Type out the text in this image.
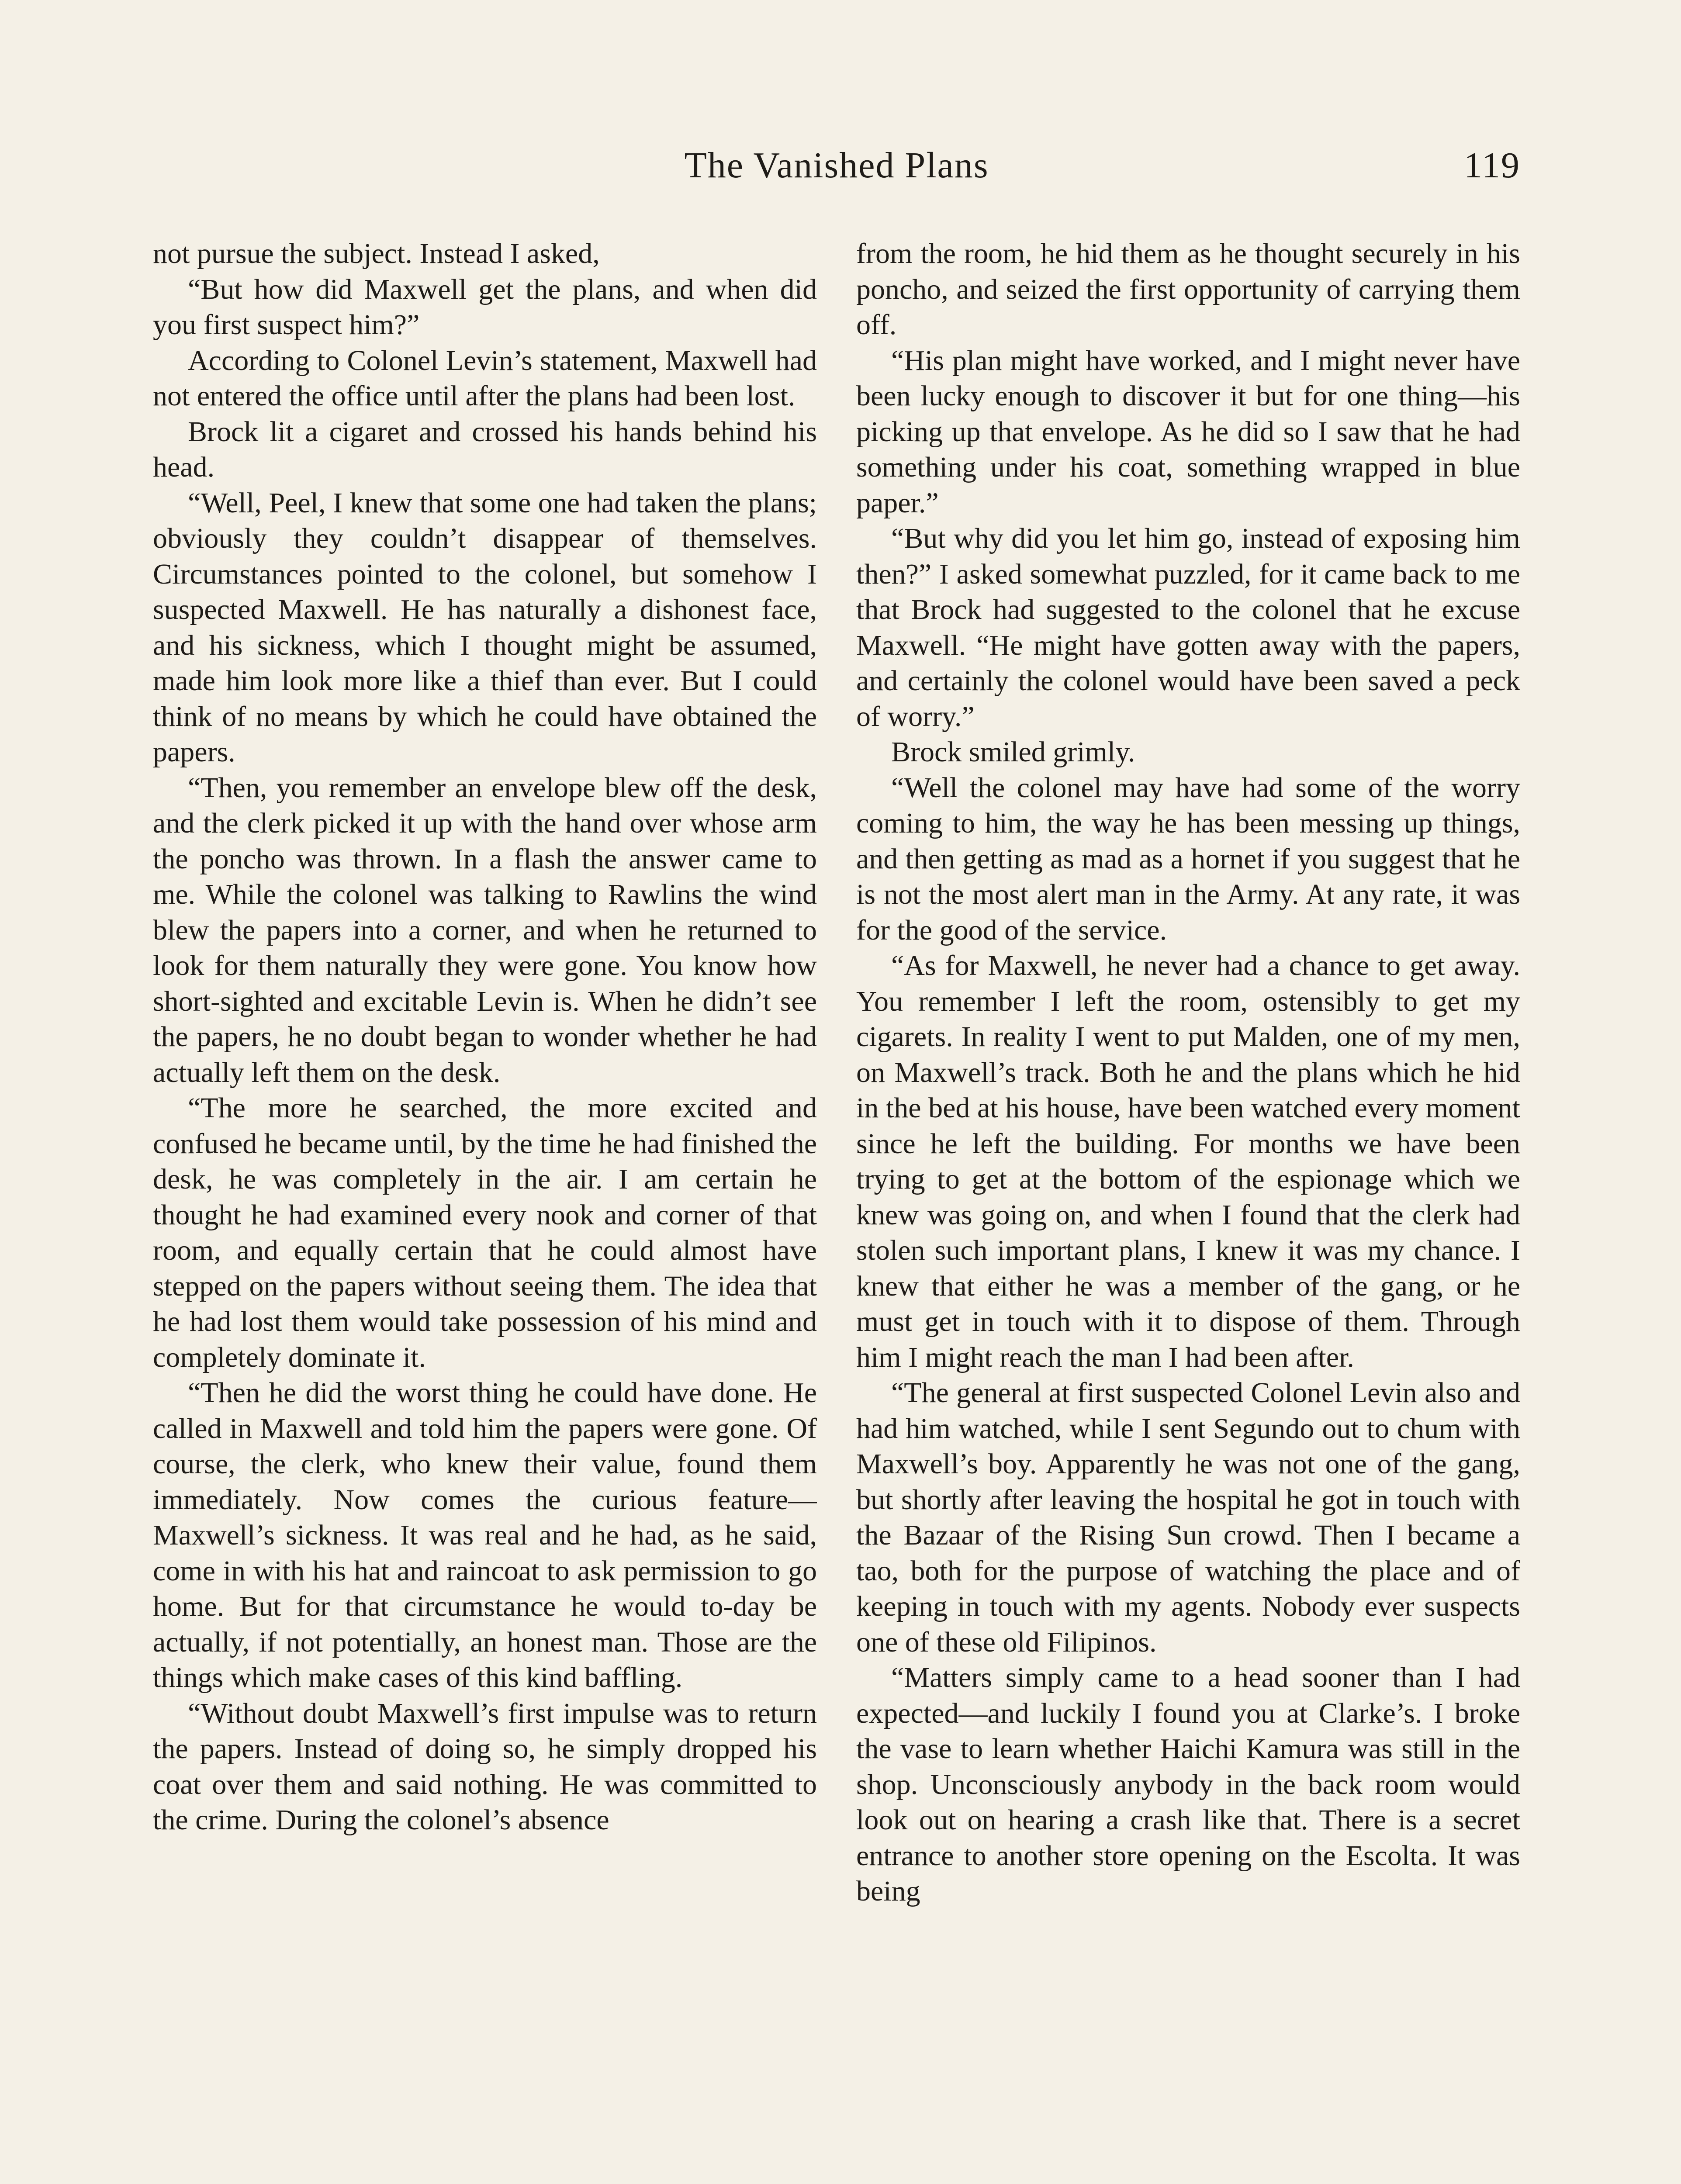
The Vanished Plans	119

not pursue the subject. Instead I asked,

“But how did Maxwell get the plans, and when did you first suspect him?”

According to Colonel Levin’s statement, Maxwell had not entered the office until after the plans had been lost.

Brock lit a cigaret and crossed his hands behind his head.

“Well, Peel, I knew that some one had taken the plans; obviously they couldn’t disappear of themselves. Circumstances pointed to the colonel, but somehow I suspected Maxwell. He has naturally a dishonest face, and his sickness, which I thought might be assumed, made him look more like a thief than ever. But I could think of no means by which he could have obtained the papers.

“Then, you remember an envelope blew off the desk, and the clerk picked it up with the hand over whose arm the poncho was thrown. In a flash the answer came to me. While the colonel was talking to Rawlins the wind blew the papers into a corner, and when he returned to look for them naturally they were gone. You know how short-sighted and excitable Levin is. When he didn’t see the papers, he no doubt began to wonder whether he had actually left them on the desk.

“The more he searched, the more excited and confused he became until, by the time he had finished the desk, he was completely in the air. I am certain he thought he had examined every nook and corner of that room, and equally certain that he could almost have stepped on the papers without seeing them. The idea that he had lost them would take possession of his mind and completely dominate it.

“Then he did the worst thing he could have done. He called in Maxwell and told him the papers were gone. Of course, the clerk, who knew their value, found them immediately. Now comes the curious feature—Maxwell’s sickness. It was real and he had, as he said, come in with his hat and raincoat to ask permission to go home. But for that circumstance he would to-day be actually, if not potentially, an honest man. Those are the things which make cases of this kind baffling.

“Without doubt Maxwell’s first impulse was to return the papers. Instead of doing so, he simply dropped his coat over them and said nothing. He was committed to the crime. During the colonel’s absence

from the room, he hid them as he thought securely in his poncho, and seized the first opportunity of carrying them off.

“His plan might have worked, and I might never have been lucky enough to discover it but for one thing—his picking up that envelope. As he did so I saw that he had something under his coat, something wrapped in blue paper.”

“But why did you let him go, instead of exposing him then?” I asked somewhat puzzled, for it came back to me that Brock had suggested to the colonel that he excuse Maxwell. “He might have gotten away with the papers, and certainly the colonel would have been saved a peck of worry.”

Brock smiled grimly.

“Well the colonel may have had some of the worry coming to him, the way he has been messing up things, and then getting as mad as a hornet if you suggest that he is not the most alert man in the Army. At any rate, it was for the good of the service.

“As for Maxwell, he never had a chance to get away. You remember I left the room, ostensibly to get my cigarets. In reality I went to put Malden, one of my men, on Maxwell’s track. Both he and the plans which he hid in the bed at his house, have been watched every moment since he left the building. For months we have been trying to get at the bottom of the espionage which we knew was going on, and when I found that the clerk had stolen such important plans, I knew it was my chance. I knew that either he was a member of the gang, or he must get in touch with it to dispose of them. Through him I might reach the man I had been after.

“The general at first suspected Colonel Levin also and had him watched, while I sent Segundo out to chum with Maxwell’s boy. Apparently he was not one of the gang, but shortly after leaving the hospital he got in touch with the Bazaar of the Rising Sun crowd. Then I became a tao, both for the purpose of watching the place and of keeping in touch with my agents. Nobody ever suspects one of these old Filipinos.

“Matters simply came to a head sooner than I had expected—and luckily I found you at Clarke’s. I broke the vase to learn whether Haichi Kamura was still in the shop. Unconsciously anybody in the back room would look out on hearing a crash like that. There is a secret entrance to another store opening on the Escolta. It was being
